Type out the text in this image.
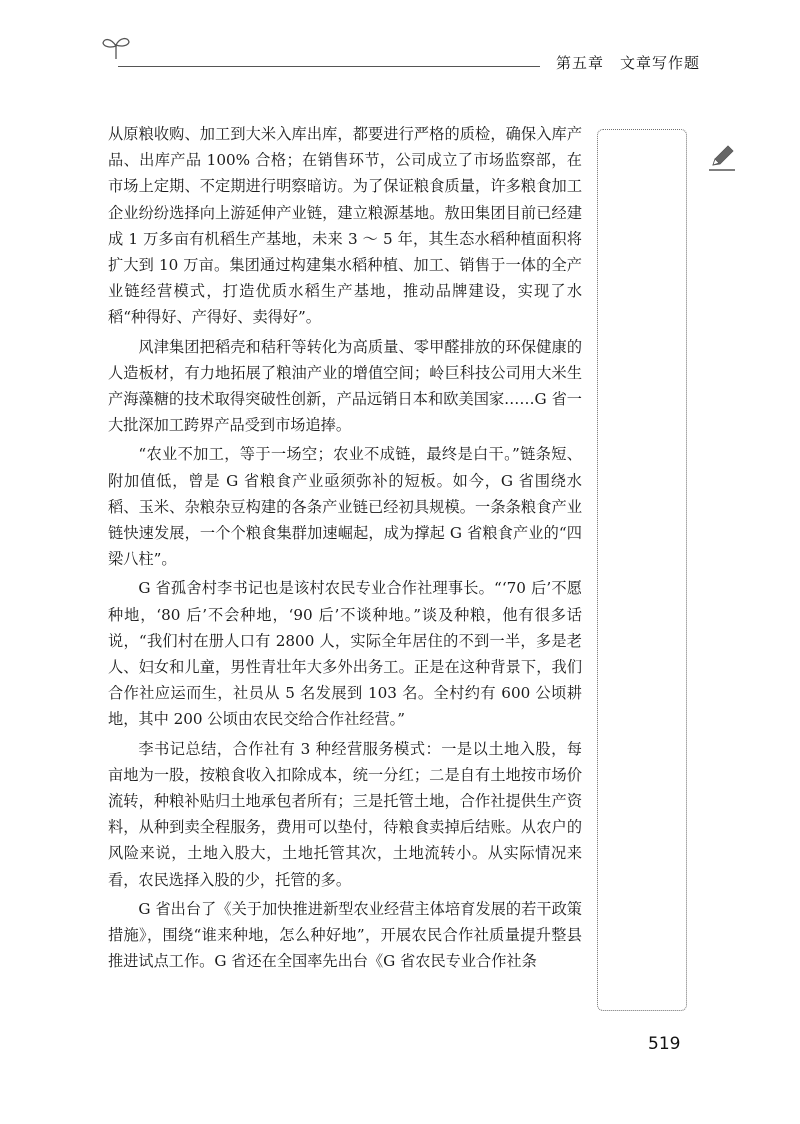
第五章 文章写作题

从原粮收购、加工到大米入库出库，都要进行严格的质检，确保入库产品、出库产品 100% 合格；在销售环节，公司成立了市场监察部，在市场上定期、不定期进行明察暗访。为了保证粮食质量，许多粮食加工企业纷纷选择向上游延伸产业链，建立粮源基地。敖田集团目前已经建成 1 万多亩有机稻生产基地，未来 3 ～ 5 年，其生态水稻种植面积将扩大到 10 万亩。集团通过构建集水稻种植、加工、销售于一体的全产业链经营模式，打造优质水稻生产基地，推动品牌建设，实现了水稻“种得好、产得好、卖得好”。

风津集团把稻壳和秸秆等转化为高质量、零甲醛排放的环保健康的人造板材，有力地拓展了粮油产业的增值空间；岭巨科技公司用大米生产海藻糖的技术取得突破性创新，产品远销日本和欧美国家……G 省一大批深加工跨界产品受到市场追捧。

“农业不加工，等于一场空；农业不成链，最终是白干。”链条短、附加值低，曾是 G 省粮食产业亟须弥补的短板。如今，G 省围绕水稻、玉米、杂粮杂豆构建的各条产业链已经初具规模。一条条粮食产业链快速发展，一个个粮食集群加速崛起，成为撑起 G 省粮食产业的“四梁八柱”。

G 省孤舍村李书记也是该村农民专业合作社理事长。“‘70 后’不愿种地，‘80 后’不会种地，‘90 后’不谈种地。”谈及种粮，他有很多话说，“我们村在册人口有 2800 人，实际全年居住的不到一半，多是老人、妇女和儿童，男性青壮年大多外出务工。正是在这种背景下，我们合作社应运而生，社员从 5 名发展到 103 名。全村约有 600 公顷耕地，其中 200 公顷由农民交给合作社经营。”

李书记总结，合作社有 3 种经营服务模式：一是以土地入股，每亩地为一股，按粮食收入扣除成本，统一分红；二是自有土地按市场价流转，种粮补贴归土地承包者所有；三是托管土地，合作社提供生产资料，从种到卖全程服务，费用可以垫付，待粮食卖掉后结账。从农户的风险来说，土地入股大，土地托管其次，土地流转小。从实际情况来看，农民选择入股的少，托管的多。

G 省出台了《关于加快推进新型农业经营主体培育发展的若干政策措施》，围绕“谁来种地，怎么种好地”，开展农民合作社质量提升整县推进试点工作。G 省还在全国率先出台《G 省农民专业合作社条

519
